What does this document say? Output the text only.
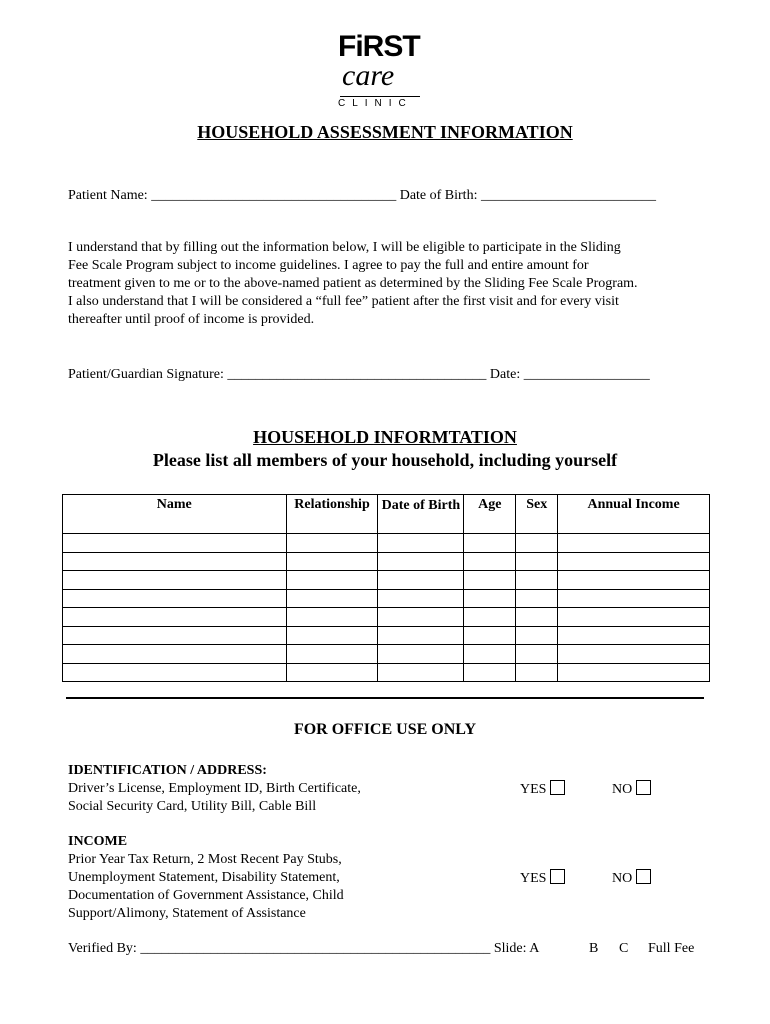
FiRST
care
CLINIC
HOUSEHOLD ASSESSMENT INFORMATION
Patient Name: ___________________________________ Date of Birth: _________________________
I understand that by filling out the information below, I will be eligible to participate in the Sliding
Fee Scale Program subject to income guidelines. I agree to pay the full and entire amount for
treatment given to me or to the above-named patient as determined by the Sliding Fee Scale Program.
I also understand that I will be considered a “full fee” patient after the first visit and for every visit
thereafter until proof of income is provided.
Patient/Guardian Signature: _____________________________________ Date: __________________
HOUSEHOLD INFORMTATION
Please list all members of your household, including yourself
Name	Relationship	Date of Birth	Age	Sex	Annual Income

FOR OFFICE USE ONLY
IDENTIFICATION / ADDRESS:
Driver’s License, Employment ID, Birth Certificate,
Social Security Card, Utility Bill, Cable Bill
YES	NO
INCOME
Prior Year Tax Return, 2 Most Recent Pay Stubs,
Unemployment Statement, Disability Statement,
Documentation of Government Assistance, Child
Support/Alimony, Statement of Assistance
YES	NO
Verified By: __________________________________________________ Slide: A	B C Full Fee
